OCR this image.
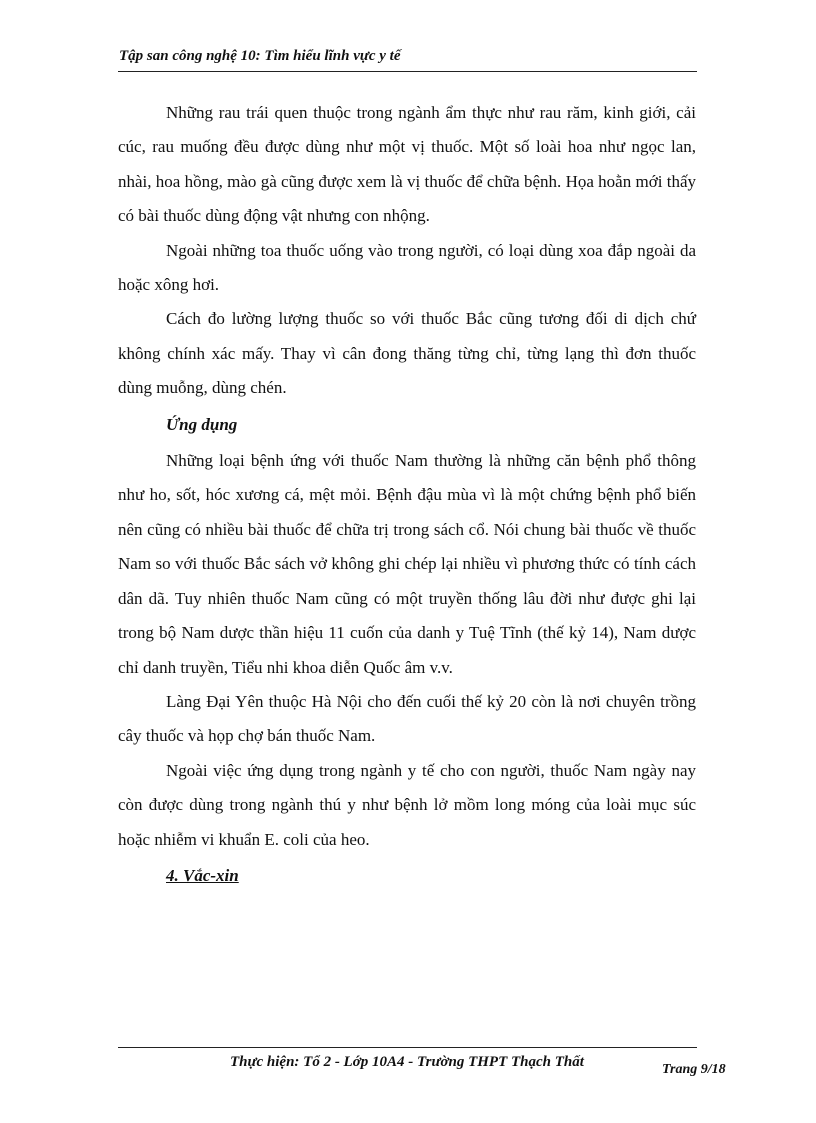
Tập san công nghệ 10: Tìm hiểu lĩnh vực y tế

Những rau trái quen thuộc trong ngành ẩm thực như rau răm, kinh giới, cải cúc, rau muống đều được dùng như một vị thuốc. Một số loài hoa như ngọc lan, nhài, hoa hồng, mào gà cũng được xem là vị thuốc để chữa bệnh. Họa hoằn mới thấy có bài thuốc dùng động vật nhưng con nhộng.

Ngoài những toa thuốc uống vào trong người, có loại dùng xoa đắp ngoài da hoặc xông hơi.

Cách đo lường lượng thuốc so với thuốc Bắc cũng tương đối di dịch chứ không chính xác mấy. Thay vì cân đong thăng từng chỉ, từng lạng thì đơn thuốc dùng muỗng, dùng chén.

Ứng dụng

Những loại bệnh ứng với thuốc Nam thường là những căn bệnh phổ thông như ho, sốt, hóc xương cá, mệt mỏi. Bệnh đậu mùa vì là một chứng bệnh phổ biến nên cũng có nhiều bài thuốc để chữa trị trong sách cổ. Nói chung bài thuốc về thuốc Nam so với thuốc Bắc sách vở không ghi chép lại nhiều vì phương thức có tính cách dân dã. Tuy nhiên thuốc Nam cũng có một truyền thống lâu đời như được ghi lại trong bộ Nam dược thần hiệu 11 cuốn của danh y Tuệ Tĩnh (thế kỷ 14), Nam dược chỉ danh truyền, Tiểu nhi khoa diễn Quốc âm v.v.

Làng Đại Yên thuộc Hà Nội cho đến cuối thế kỷ 20 còn là nơi chuyên trồng cây thuốc và họp chợ bán thuốc Nam.

Ngoài việc ứng dụng trong ngành y tế cho con người, thuốc Nam ngày nay còn được dùng trong ngành thú y như bệnh lở mồm long móng của loài mục súc hoặc nhiễm vi khuẩn E. coli của heo.

4. Vắc-xin

Thực hiện: Tổ 2 - Lớp 10A4 - Trường THPT Thạch Thất	Trang 9/18
